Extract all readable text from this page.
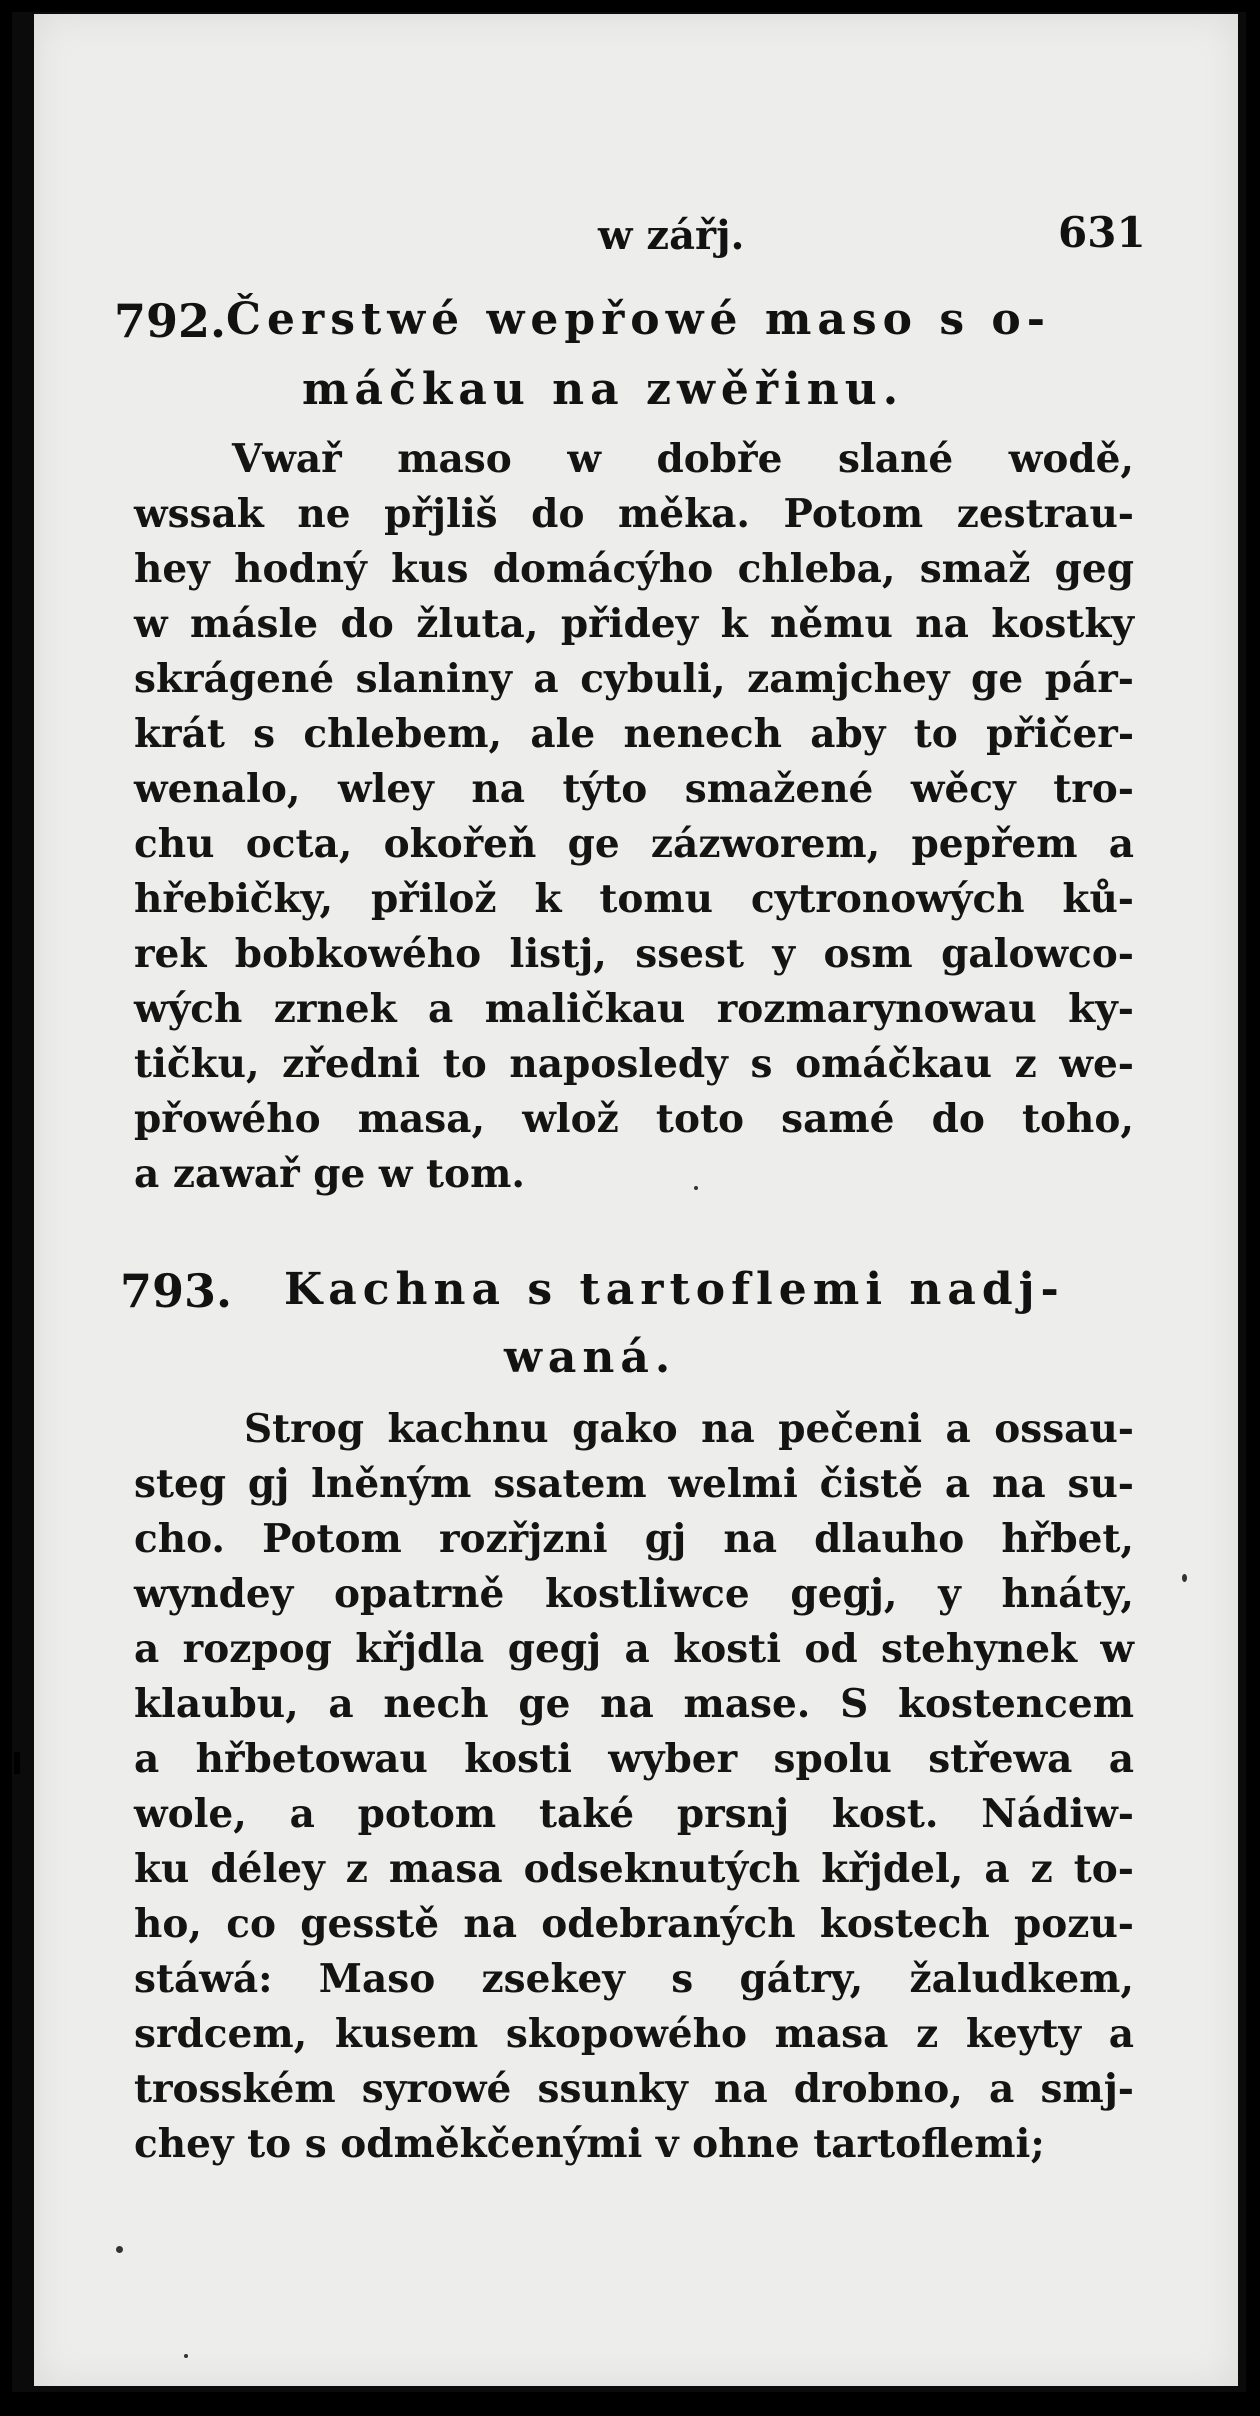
w zářj.	631
792. Čerstwé wepřowé maso s o-
máčkau na zwěřinu.
Vwař maso w dobře slané wodě,
wssak ne přjliš do měka. Potom zestrau-
hey hodný kus domácýho chleba, smaž geg
w másle do žluta, přidey k němu na kostky
skrágené slaniny a cybuli, zamjchey ge pár-
krát s chlebem, ale nenech aby to přičer-
wenalo, wley na týto smažené wěcy tro-
chu octa, okořeň ge zázworem, pepřem a
hřebičky, přilož k tomu cytronowých ků-
rek bobkowého listj, ssest y osm galowco-
wých zrnek a maličkau rozmarynowau ky-
tičku, zředni to naposledy s omáčkau z we-
přowého masa, wlož toto samé do toho,
a zawař ge w tom.
793. Kachna s tartoflemi nadj-
waná.
Strog kachnu gako na pečeni a ossau-
steg gj lněným ssatem welmi čistě a na su-
cho. Potom rozřjzni gj na dlauho hřbet,
wyndey opatrně kostliwce gegj, y hnáty,
a rozpog křjdla gegj a kosti od stehynek w
klaubu, a nech ge na mase. S kostencem
a hřbetowau kosti wyber spolu střewa a
wole, a potom také prsnj kost. Nádiw-
ku déley z masa odseknutých křjdel, a z to-
ho, co gesstě na odebraných kostech pozu-
stáwá: Maso zsekey s gátry, žaludkem,
srdcem, kusem skopowého masa z keyty a
trosském syrowé ssunky na drobno, a smj-
chey to s odměkčenými v ohne tartoflemi;
